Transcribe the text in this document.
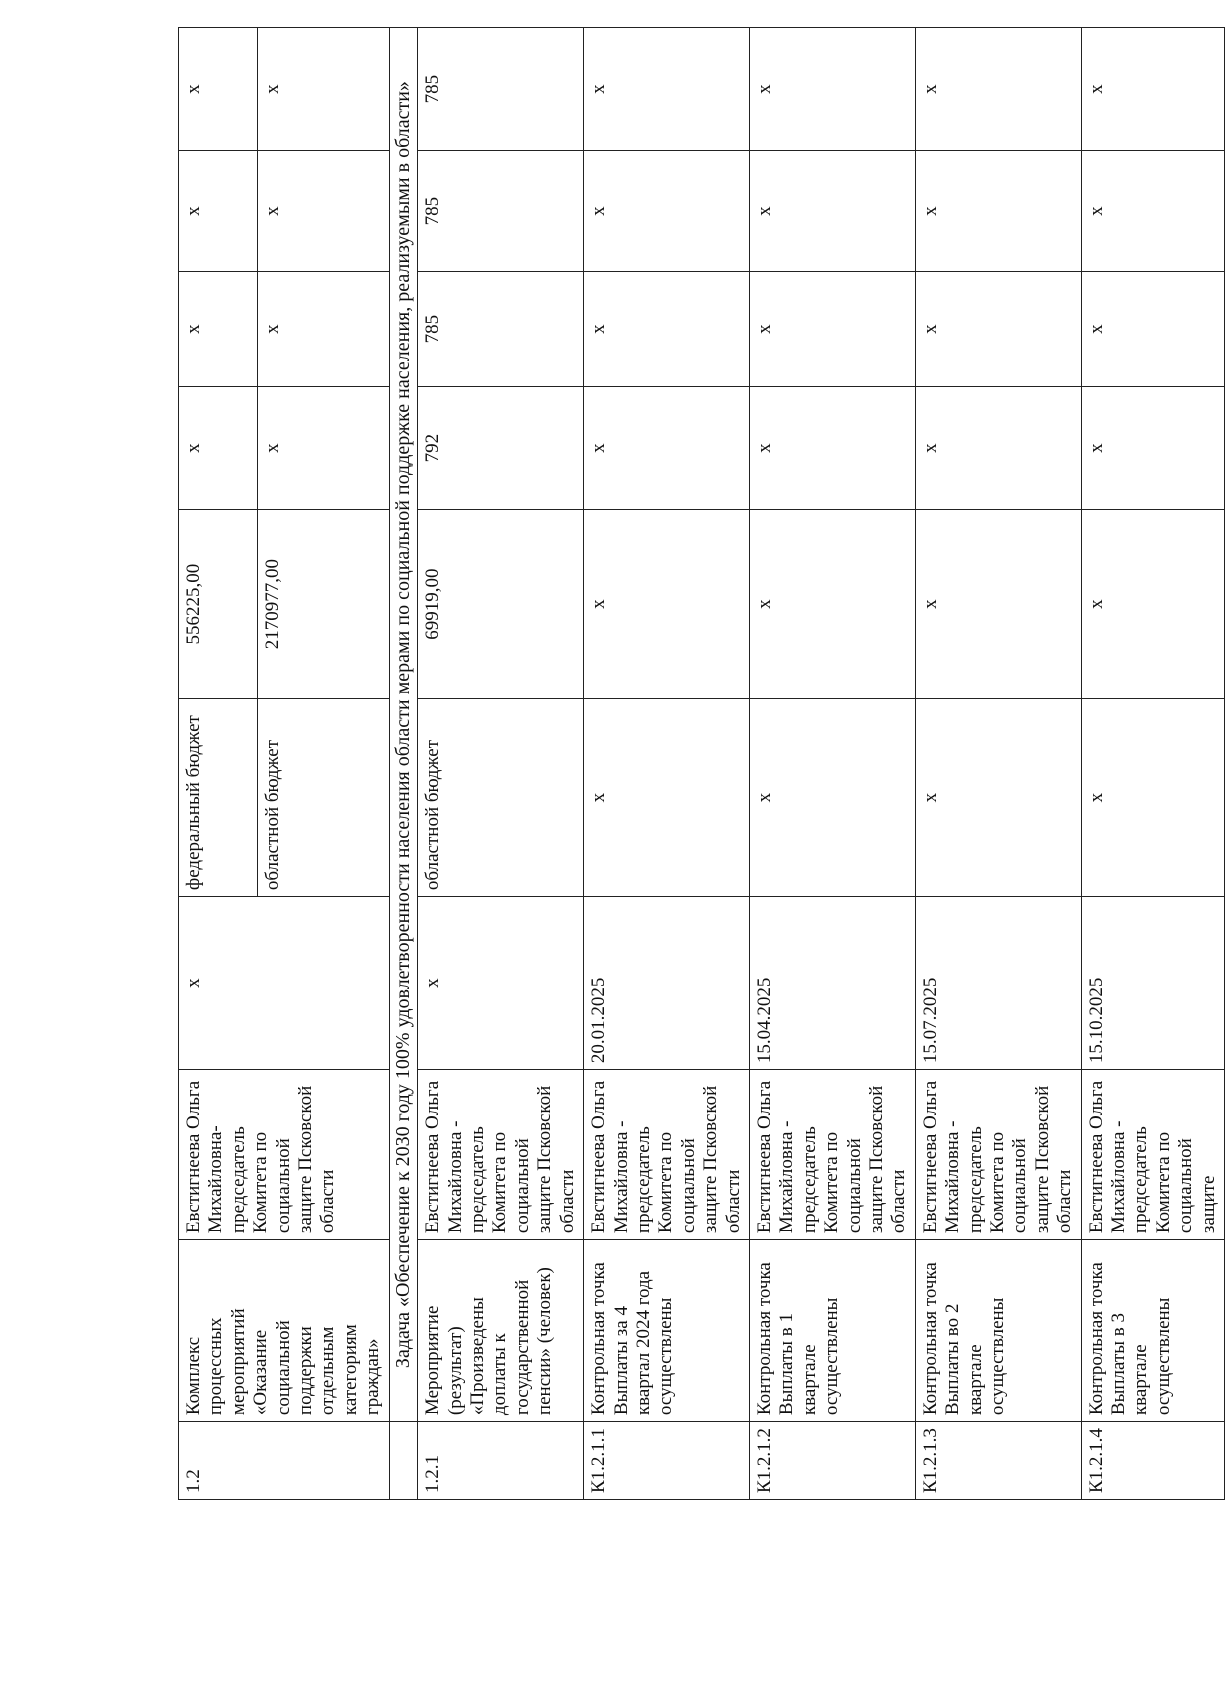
1.2	Комплекс процессных мероприятий «Оказание социальной поддержки отдельным категориям граждан»	Евстигнеева Ольга Михайловна- председатель Комитета по социальной защите Псковской области	х	федеральный бюджет	556225,00	х	х	х	х
				областной бюджет	2170977,00	х	х	х	х
	Задача «Обеспечение к 2030 году 100% удовлетворенности населения области мерами по социальной поддержке населения, реализуемыми в области»								
1.2.1	Мероприятие (результат) «Произведены доплаты к государственной пенсии» (человек)	Евстигнеева Ольга Михайловна - председатель Комитета по социальной защите Псковской области	х	областной бюджет	69919,00	792	785	785	785
К1.2.1.1	Контрольная точка Выплаты за 4 квартал 2024 года осуществлены	Евстигнеева Ольга Михайловна - председатель Комитета по социальной защите Псковской области	20.01.2025	х	х	х	х	х	х
К1.2.1.2	Контрольная точка Выплаты в 1 квартале осуществлены	Евстигнеева Ольга Михайловна - председатель Комитета по социальной защите Псковской области	15.04.2025	х	х	х	х	х	х
К1.2.1.3	Контрольная точка Выплаты во 2 квартале осуществлены	Евстигнеева Ольга Михайловна - председатель Комитета по социальной защите Псковской области	15.07.2025	х	х	х	х	х	х
К1.2.1.4	Контрольная точка Выплаты в 3 квартале осуществлены	Евстигнеева Ольга Михайловна - председатель Комитета по социальной защите	15.10.2025	х	х	х	х	х	х
